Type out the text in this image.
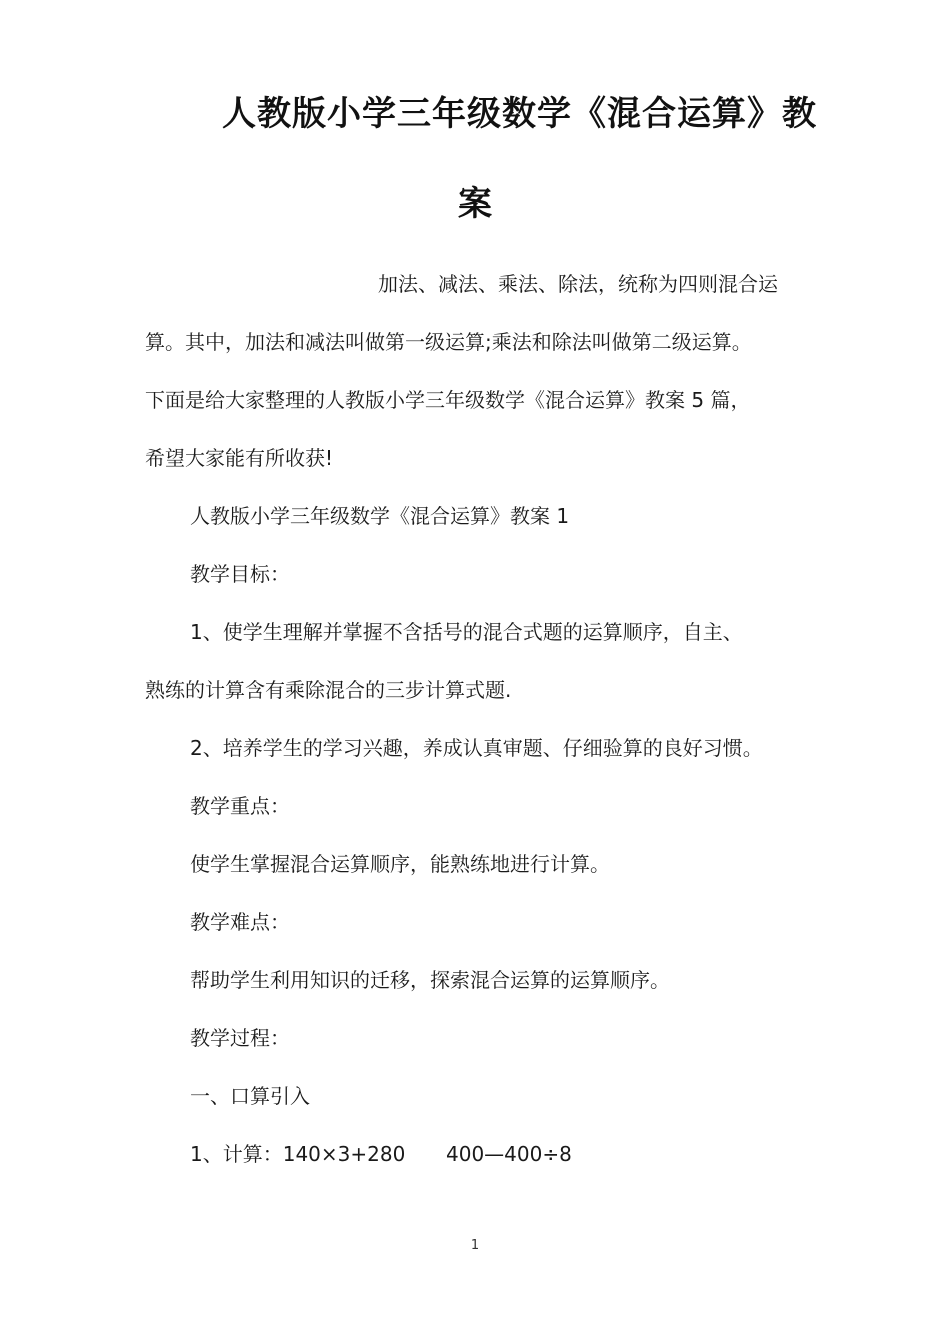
人教版小学三年级数学《混合运算》教
案
加法、减法、乘法、除法，统称为四则混合运
算。其中，加法和减法叫做第一级运算;乘法和除法叫做第二级运算。
下面是给大家整理的人教版小学三年级数学《混合运算》教案 5 篇，
希望大家能有所收获!
人教版小学三年级数学《混合运算》教案 1
教学目标：
1、使学生理解并掌握不含括号的混合式题的运算顺序，自主、
熟练的计算含有乘除混合的三步计算式题.
2、培养学生的学习兴趣，养成认真审题、仔细验算的良好习惯。
教学重点：
使学生掌握混合运算顺序，能熟练地进行计算。
教学难点：
帮助学生利用知识的迁移，探索混合运算的运算顺序。
教学过程：
一、口算引入
1、计算：140×3+280 400—400÷8
1
